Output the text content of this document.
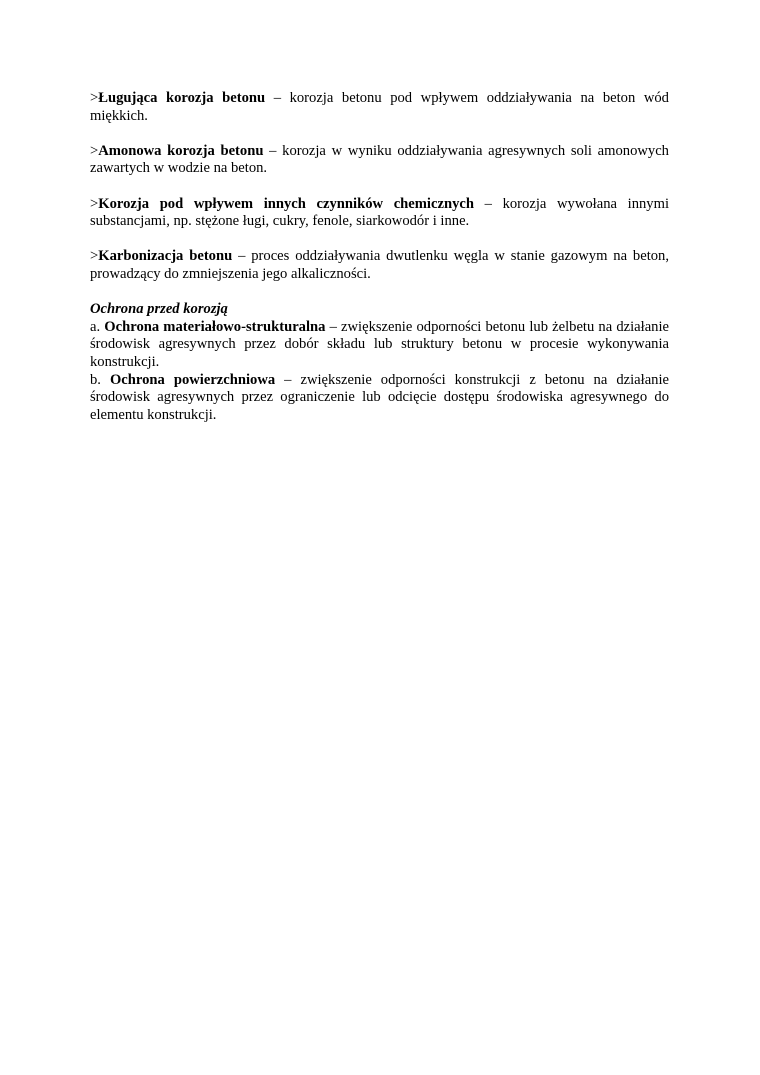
>Ługująca korozja betonu – korozja betonu pod wpływem oddziaływania na beton wód miękkich.

>Amonowa korozja betonu – korozja w wyniku oddziaływania agresywnych soli amonowych zawartych w wodzie na beton.

>Korozja pod wpływem innych czynników chemicznych – korozja wywołana innymi substancjami, np. stężone ługi, cukry, fenole, siarkowodór i inne.

>Karbonizacja betonu – proces oddziaływania dwutlenku węgla w stanie gazowym na beton, prowadzący do zmniejszenia jego alkaliczności.

Ochrona przed korozją

a. Ochrona materiałowo-strukturalna – zwiększenie odporności betonu lub żelbetu na działanie środowisk agresywnych przez dobór składu lub struktury betonu w procesie wykonywania konstrukcji.

b. Ochrona powierzchniowa – zwiększenie odporności konstrukcji z betonu na działanie środowisk agresywnych przez ograniczenie lub odcięcie dostępu środowiska agresywnego do elementu konstrukcji.
